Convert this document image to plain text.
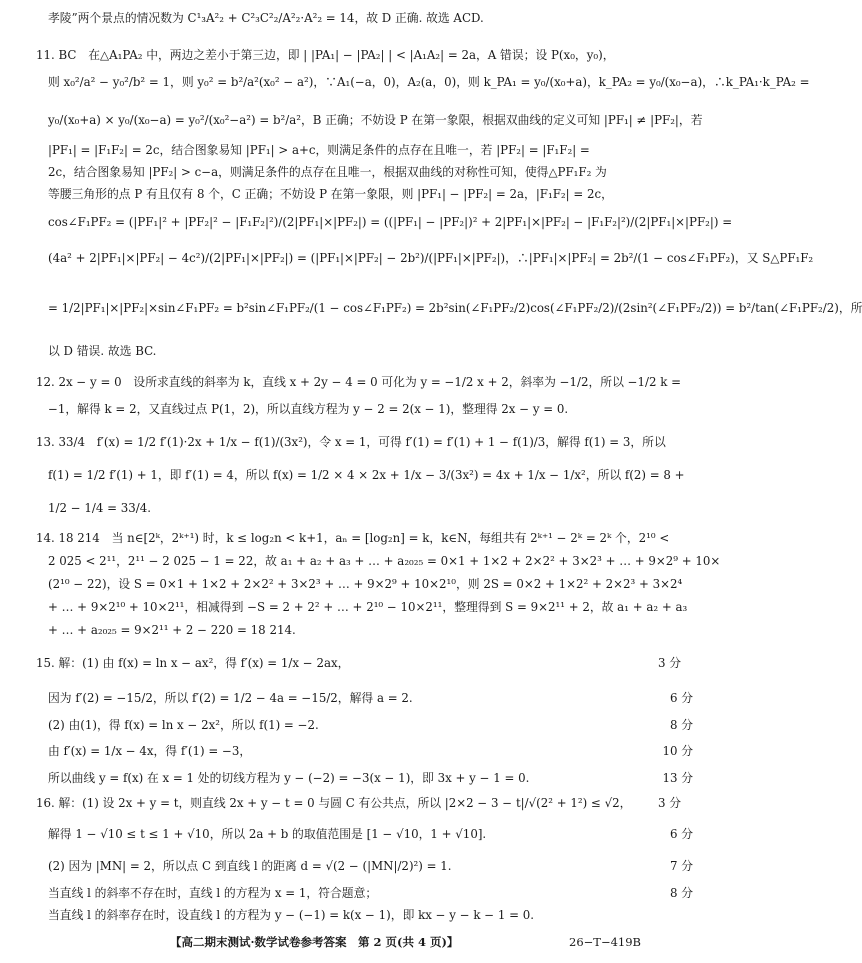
孝陵”两个景点的情况数为 C¹₃A²₂ + C²₃C²₂/A²₂·A²₂ = 14，故 D 正确. 故选 ACD.
11. BC　在△A₁PA₂ 中，两边之差小于第三边，即 | |PA₁| − |PA₂| | < |A₁A₂| = 2a，A 错误；设 P(x₀，y₀)，
则 x₀²/a² − y₀²/b² = 1，则 y₀² = b²/a²(x₀² − a²)，∵A₁(−a，0)，A₂(a，0)，则 k_PA₁ = y₀/(x₀+a)，k_PA₂ = y₀/(x₀−a)，∴k_PA₁·k_PA₂ =
y₀/(x₀+a) × y₀/(x₀−a) = y₀²/(x₀²−a²) = b²/a²，B 正确；不妨设 P 在第一象限，根据双曲线的定义可知 |PF₁| ≠ |PF₂|，若
|PF₁| = |F₁F₂| = 2c，结合图象易知 |PF₁| > a+c，则满足条件的点存在且唯一，若 |PF₂| = |F₁F₂| =
2c，结合图象易知 |PF₂| > c−a，则满足条件的点存在且唯一，根据双曲线的对称性可知，使得△PF₁F₂ 为
等腰三角形的点 P 有且仅有 8 个，C 正确；不妨设 P 在第一象限，则 |PF₁| − |PF₂| = 2a，|F₁F₂| = 2c，
cos∠F₁PF₂ = (|PF₁|² + |PF₂|² − |F₁F₂|²)/(2|PF₁|×|PF₂|) = ((|PF₁| − |PF₂|)² + 2|PF₁|×|PF₂| − |F₁F₂|²)/(2|PF₁|×|PF₂|) =
(4a² + 2|PF₁|×|PF₂| − 4c²)/(2|PF₁|×|PF₂|) = (|PF₁|×|PF₂| − 2b²)/(|PF₁|×|PF₂|)，∴|PF₁|×|PF₂| = 2b²/(1 − cos∠F₁PF₂)，又 S△PF₁F₂
= 1/2|PF₁|×|PF₂|×sin∠F₁PF₂ = b²sin∠F₁PF₂/(1 − cos∠F₁PF₂) = 2b²sin(∠F₁PF₂/2)cos(∠F₁PF₂/2)/(2sin²(∠F₁PF₂/2)) = b²/tan(∠F₁PF₂/2)，所
以 D 错误. 故选 BC.
12. 2x − y = 0　设所求直线的斜率为 k，直线 x + 2y − 4 = 0 可化为 y = −1/2 x + 2，斜率为 −1/2，所以 −1/2 k =
−1，解得 k = 2，又直线过点 P(1，2)，所以直线方程为 y − 2 = 2(x − 1)，整理得 2x − y = 0.
13. 33/4　f′(x) = 1/2 f′(1)·2x + 1/x − f(1)/(3x²)，令 x = 1，可得 f′(1) = f′(1) + 1 − f(1)/3，解得 f(1) = 3，所以
f(1) = 1/2 f′(1) + 1，即 f′(1) = 4，所以 f(x) = 1/2 × 4 × 2x + 1/x − 3/(3x²) = 4x + 1/x − 1/x²，所以 f(2) = 8 +
1/2 − 1/4 = 33/4.
14. 18 214　当 n∈[2ᵏ，2ᵏ⁺¹) 时，k ≤ log₂n < k+1，aₙ = [log₂n] = k，k∈N，每组共有 2ᵏ⁺¹ − 2ᵏ = 2ᵏ 个，2¹⁰ <
2 025 < 2¹¹，2¹¹ − 2 025 − 1 = 22，故 a₁ + a₂ + a₃ + … + a₂₀₂₅ = 0×1 + 1×2 + 2×2² + 3×2³ + … + 9×2⁹ + 10×
(2¹⁰ − 22)，设 S = 0×1 + 1×2 + 2×2² + 3×2³ + … + 9×2⁹ + 10×2¹⁰，则 2S = 0×2 + 1×2² + 2×2³ + 3×2⁴
+ … + 9×2¹⁰ + 10×2¹¹，相减得到 −S = 2 + 2² + … + 2¹⁰ − 10×2¹¹，整理得到 S = 9×2¹¹ + 2，故 a₁ + a₂ + a₃
+ … + a₂₀₂₅ = 9×2¹¹ + 2 − 220 = 18 214.
15. 解：(1) 由 f(x) = ln x − ax²，得 f′(x) = 1/x − 2ax，	3 分
因为 f′(2) = −15/2，所以 f′(2) = 1/2 − 4a = −15/2，解得 a = 2.	6 分
(2) 由(1)，得 f(x) = ln x − 2x²，所以 f(1) = −2.	8 分
由 f′(x) = 1/x − 4x，得 f′(1) = −3，	10 分
所以曲线 y = f(x) 在 x = 1 处的切线方程为 y − (−2) = −3(x − 1)，即 3x + y − 1 = 0.	13 分
16. 解：(1) 设 2x + y = t，则直线 2x + y − t = 0 与圆 C 有公共点，所以 |2×2 − 3 − t|/√(2² + 1²) ≤ √2， 3 分
解得 1 − √10 ≤ t ≤ 1 + √10，所以 2a + b 的取值范围是 [1 − √10，1 + √10].	6 分
(2) 因为 |MN| = 2，所以点 C 到直线 l 的距离 d = √(2 − (|MN|/2)²) = 1.	7 分
当直线 l 的斜率不存在时，直线 l 的方程为 x = 1，符合题意；	8 分
当直线 l 的斜率存在时，设直线 l 的方程为 y − (−1) = k(x − 1)，即 kx − y − k − 1 = 0.
【高二期末测试·数学试卷参考答案　第 2 页(共 4 页)】	26−T−419B
